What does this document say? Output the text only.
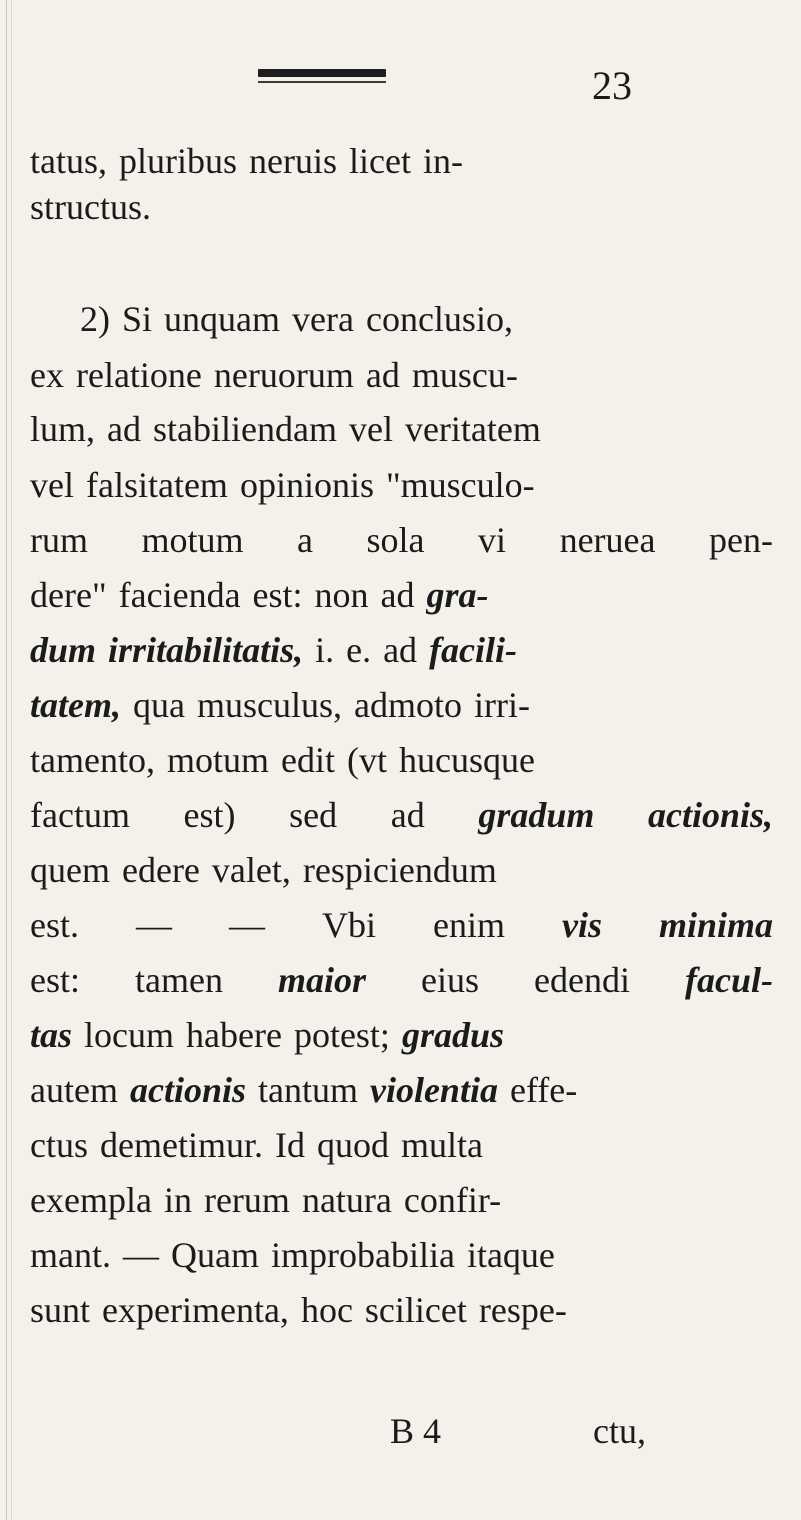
23
tatus, pluribus neruis licet in-
structus.
2) Si unquam vera conclusio,
ex relatione neruorum ad muscu-
lum, ad stabiliendam vel veritatem
vel falsitatem opinionis "musculo-
rum motum a sola vi neruea pen-
dere" facienda est: non ad gra-
dum irritabilitatis, i. e. ad facili-
tatem, qua musculus, admoto irri-
tamento, motum edit (vt hucusque
factum est) sed ad gradum actionis,
quem edere valet, respiciendum
est. — — Vbi enim vis minima
est: tamen maior eius edendi facul-
tas locum habere potest; gradus
autem actionis tantum violentia effe-
ctus demetimur. Id quod multa
exempla in rerum natura confir-
mant. — Quam improbabilia itaque
sunt experimenta, hoc scilicet respe-
B 4	ctu,
